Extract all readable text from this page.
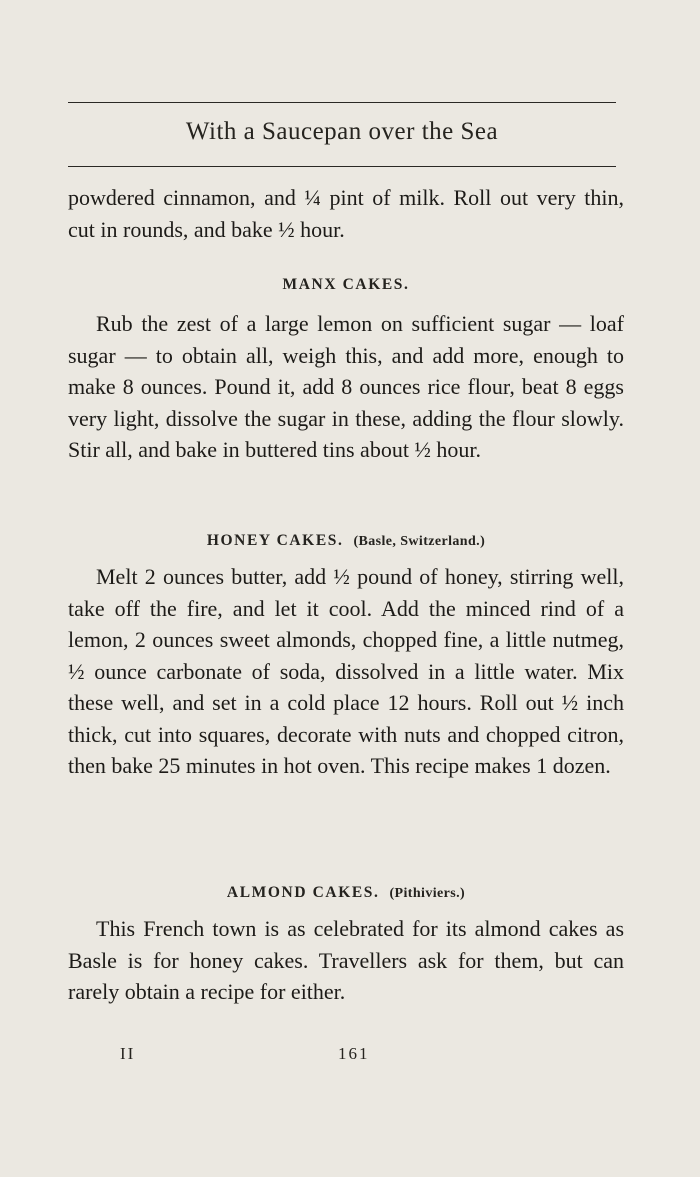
With a Saucepan over the Sea

powdered cinnamon, and ¼ pint of milk. Roll out very thin, cut in rounds, and bake ½ hour.

MANX CAKES.

Rub the zest of a large lemon on sufficient sugar — loaf sugar — to obtain all, weigh this, and add more, enough to make 8 ounces. Pound it, add 8 ounces rice flour, beat 8 eggs very light, dissolve the sugar in these, adding the flour slowly. Stir all, and bake in buttered tins about ½ hour.

HONEY CAKES. (Basle, Switzerland.)

Melt 2 ounces butter, add ½ pound of honey, stirring well, take off the fire, and let it cool. Add the minced rind of a lemon, 2 ounces sweet almonds, chopped fine, a little nutmeg, ½ ounce carbonate of soda, dissolved in a little water. Mix these well, and set in a cold place 12 hours. Roll out ½ inch thick, cut into squares, decorate with nuts and chopped citron, then bake 25 minutes in hot oven. This recipe makes 1 dozen.

ALMOND CAKES. (Pithiviers.)

This French town is as celebrated for its almond cakes as Basle is for honey cakes. Travellers ask for them, but can rarely obtain a recipe for either.

II	161
